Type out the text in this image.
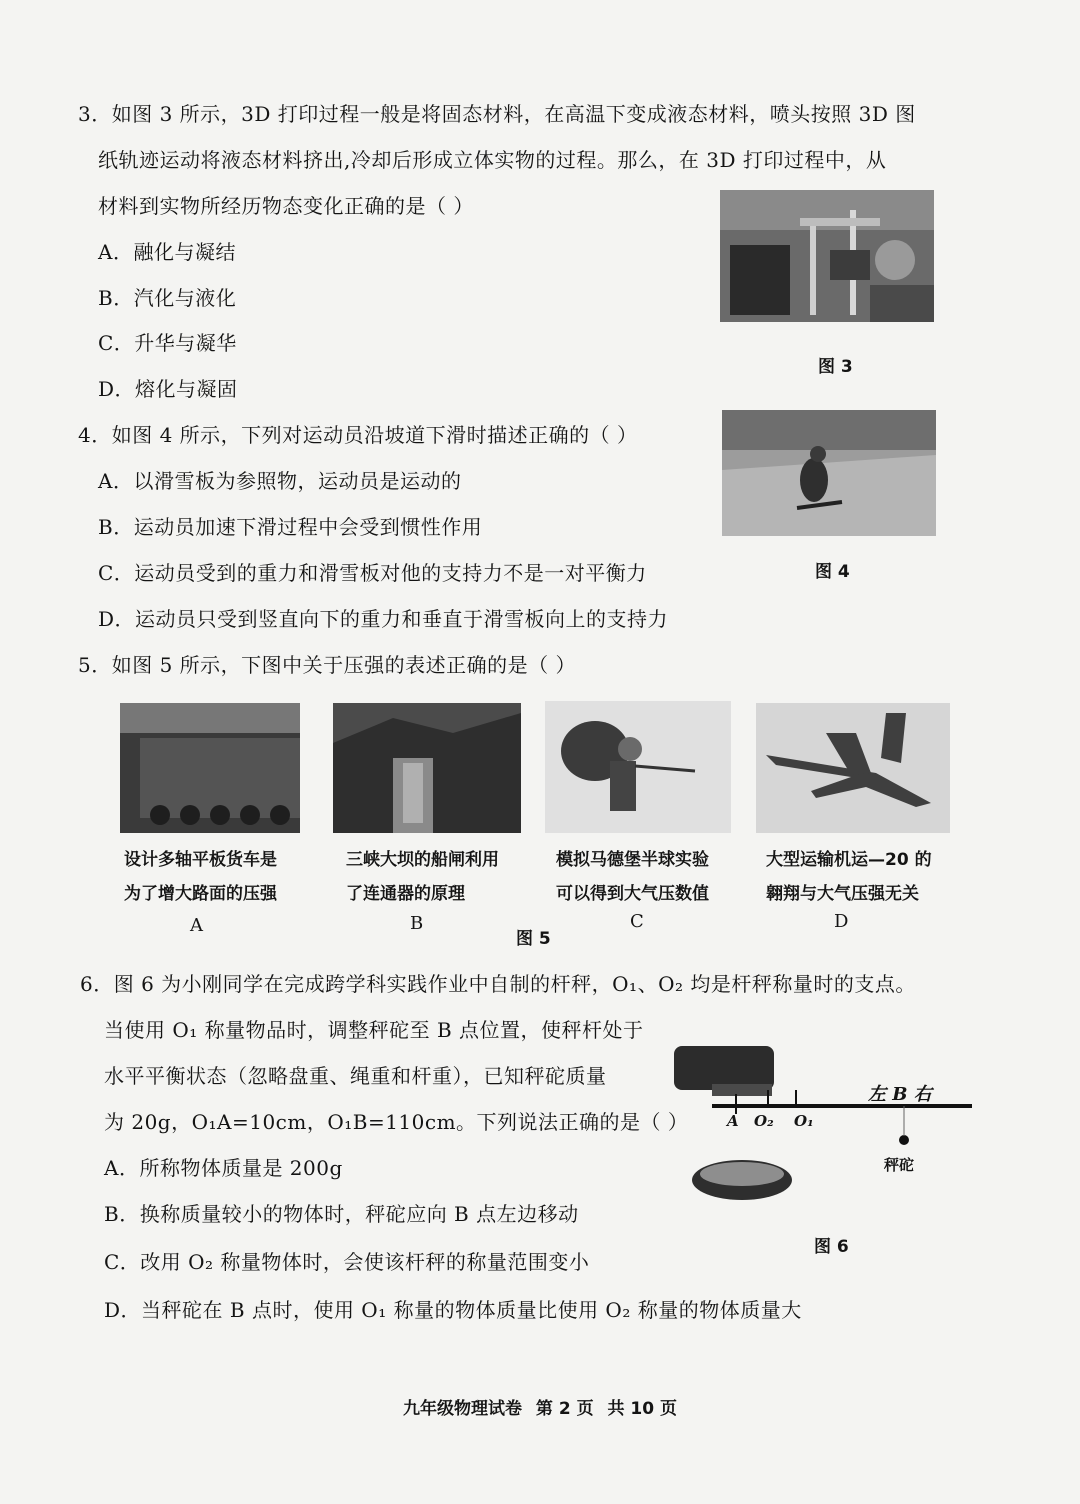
3．如图 3 所示，3D 打印过程一般是将固态材料，在高温下变成液态材料，喷头按照 3D 图
纸轨迹运动将液态材料挤出,冷却后形成立体实物的过程。那么，在 3D 打印过程中，从
材料到实物所经历物态变化正确的是（ ）
A．融化与凝结
B．汽化与液化
C．升华与凝华
D．熔化与凝固
图 3
4．如图 4 所示，下列对运动员沿坡道下滑时描述正确的（ ）
A．以滑雪板为参照物，运动员是运动的
B．运动员加速下滑过程中会受到惯性作用
C．运动员受到的重力和滑雪板对他的支持力不是一对平衡力
D．运动员只受到竖直向下的重力和垂直于滑雪板向上的支持力
图 4
5．如图 5 所示，下图中关于压强的表述正确的是（ ）
设计多轴平板货车是
为了增大路面的压强
A
三峡大坝的船闸利用
了连通器的原理
B
模拟马德堡半球实验
可以得到大气压数值
C
大型运输机运—20 的
翱翔与大气压强无关
D
图 5
6．图 6 为小刚同学在完成跨学科实践作业中自制的杆秤，O₁、O₂ 均是杆秤称量时的支点。
当使用 O₁ 称量物品时，调整秤砣至 B 点位置，使秤杆处于
水平平衡状态（忽略盘重、绳重和杆重），已知秤砣质量
为 20g，O₁A=10cm，O₁B=110cm。下列说法正确的是（ ）
A．所称物体质量是 200g
B．换称质量较小的物体时，秤砣应向 B 点左边移动
C．改用 O₂ 称量物体时，会使该杆秤的称量范围变小
D．当秤砣在 B 点时，使用 O₁ 称量的物体质量比使用 O₂ 称量的物体质量大
A O₂ O₁
左 B 右
秤砣
图 6
九年级物理试卷 第 2 页 共 10 页
